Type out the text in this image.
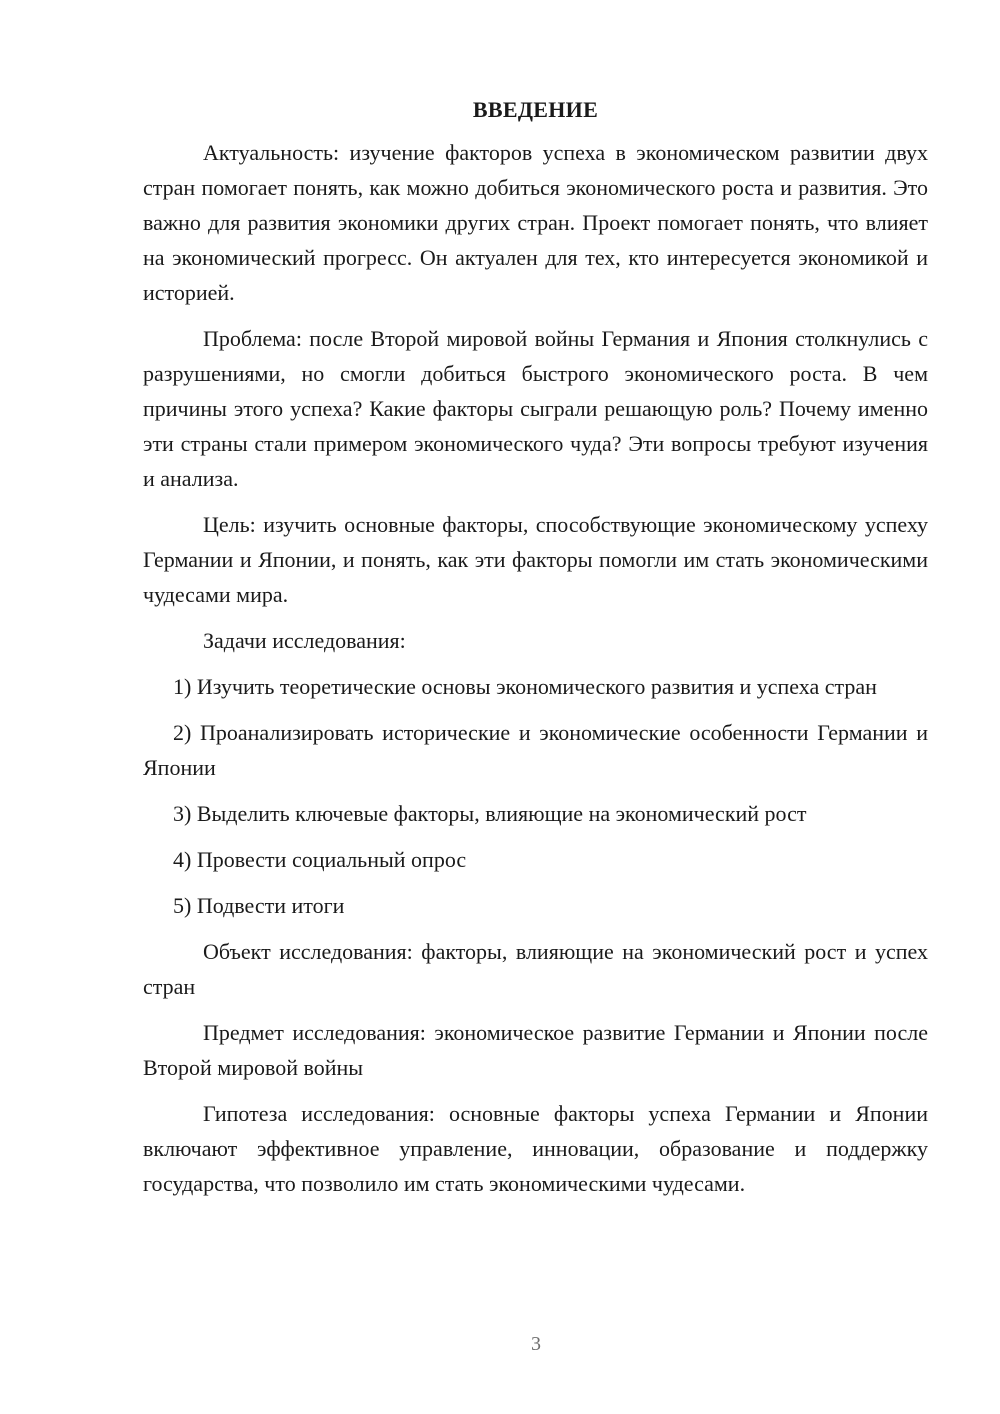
ВВЕДЕНИЕ

Актуальность: изучение факторов успеха в экономическом развитии двух стран помогает понять, как можно добиться экономического роста и развития. Это важно для развития экономики других стран. Проект помогает понять, что влияет на экономический прогресс. Он актуален для тех, кто интересуется экономикой и историей.

Проблема: после Второй мировой войны Германия и Япония столкнулись с разрушениями, но смогли добиться быстрого экономического роста. В чем причины этого успеха? Какие факторы сыграли решающую роль? Почему именно эти страны стали примером экономического чуда? Эти вопросы требуют изучения и анализа.

Цель: изучить основные факторы, способствующие экономическому успеху Германии и Японии, и понять, как эти факторы помогли им стать экономическими чудесами мира.

Задачи исследования:

1) Изучить теоретические основы экономического развития и успеха стран

2) Проанализировать исторические и экономические особенности Германии и Японии

3) Выделить ключевые факторы, влияющие на экономический рост

4) Провести социальный опрос

5) Подвести итоги

Объект исследования: факторы, влияющие на экономический рост и успех стран

Предмет исследования: экономическое развитие Германии и Японии после Второй мировой войны

Гипотеза исследования: основные факторы успеха Германии и Японии включают эффективное управление, инновации, образование и поддержку государства, что позволило им стать экономическими чудесами.

3
